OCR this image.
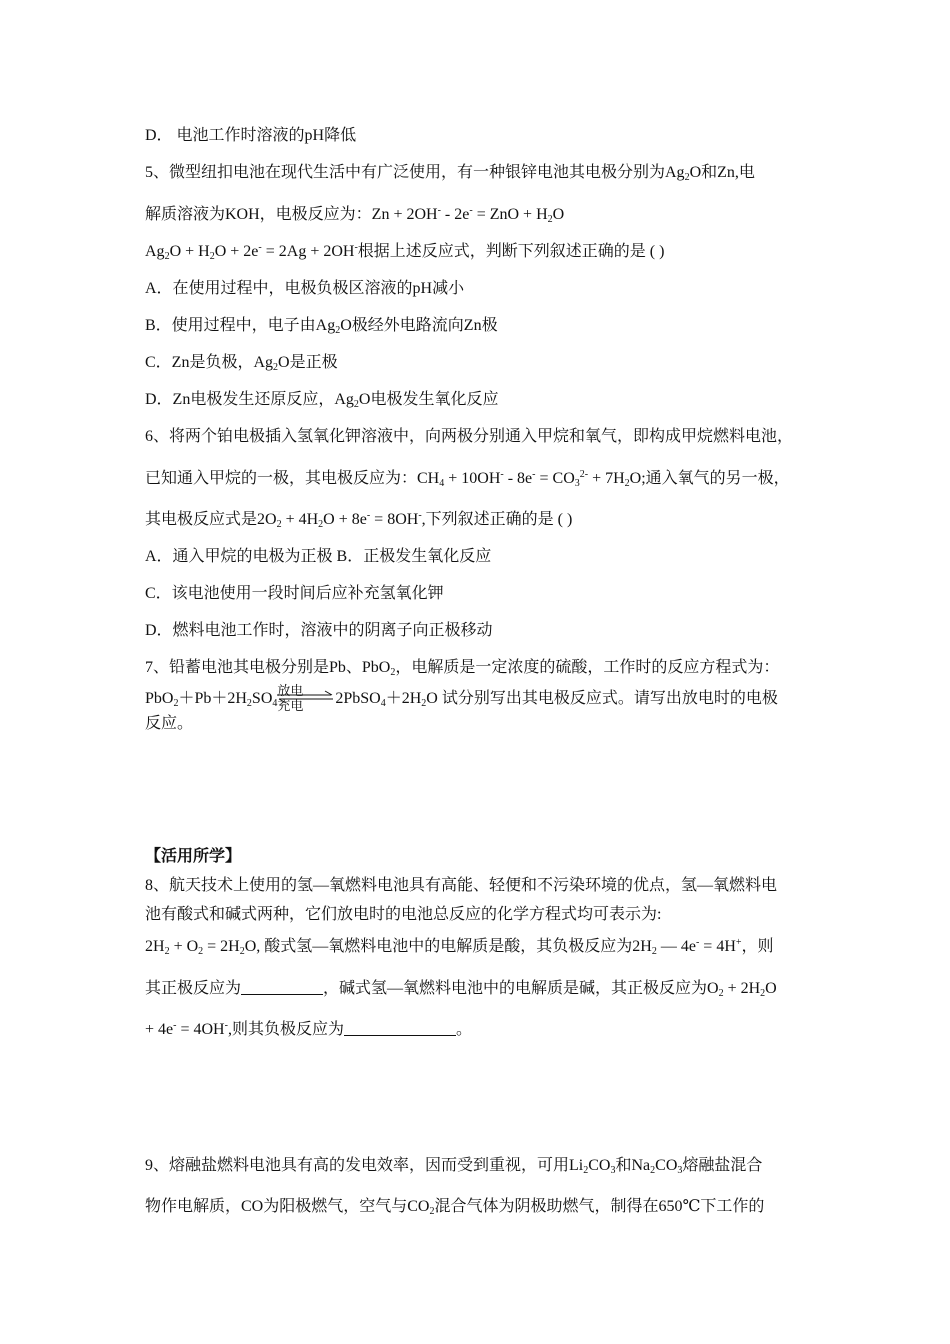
D． 电池工作时溶液的pH降低
5、微型纽扣电池在现代生活中有广泛使用，有一种银锌电池其电极分别为$Ag_2O$和Zn,电
解质溶液为KOH，电极反应为：Zn + 2OH- - 2e- = ZnO + $H_2O$
$Ag_2O + H_2O + 2e^- = 2Ag + 2OH^-$根据上述反应式，判断下列叙述正确的是 ( )
A．在使用过程中，电极负极区溶液的pH减小
B．使用过程中，电子由$Ag_2O$极经外电路流向Zn极
C．Zn是负极，$Ag_2O$是正极
D．Zn电极发生还原反应，$Ag_2O$电极发生氧化反应
6、将两个铂电极插入氢氧化钾溶液中，向两极分别通入甲烷和氧气，即构成甲烷燃料电池，
已知通入甲烷的一极，其电极反应为：$CH_4 + 10OH^- - 8e^- = CO_3^{2-} + 7H_2O$;通入氧气的另一极，
其电极反应式是$2O_2 + 4H_2O + 8e^- = 8OH^-$,下列叙述正确的是 ( )
A．通入甲烷的电极为正极 B．正极发生氧化反应
C．该电池使用一段时间后应补充氢氧化钾
D．燃料电池工作时，溶液中的阴离子向正极移动
7、铅蓄电池其电极分别是Pb、PbO$_2$，电解质是一定浓度的硫酸，工作时的反应方程式为：
$PbO_2+Pb+2H_2SO_4$
放电
充电 $2PbSO_4+2H_2O$ 试分别写出其电极反应式。请写出放电时的电极
反应。
【活用所学】
8、航天技术上使用的氢—氧燃料电池具有高能、轻便和不污染环境的优点，氢—氧燃料电
池有酸式和碱式两种，它们放电时的电池总反应的化学方程式均可表示为:
$2H_2 + O_2 = 2H_2O$, 酸式氢—氧燃料电池中的电解质是酸，其负极反应为$2H_2$ — 4e- = 4H+，则
其正极反应为	，碱式氢—氧燃料电池中的电解质是碱，其正极反应为$O_2 + 2H_2O$
+ 4e- = 4OH-,则其负极反应为	。
9、熔融盐燃料电池具有高的发电效率，因而受到重视，可用$Li_2CO_3$和$Na_2CO_3$熔融盐混合
物作电解质，CO为阳极燃气，空气与$CO_2$混合气体为阴极助燃气，制得在650℃下工作的
